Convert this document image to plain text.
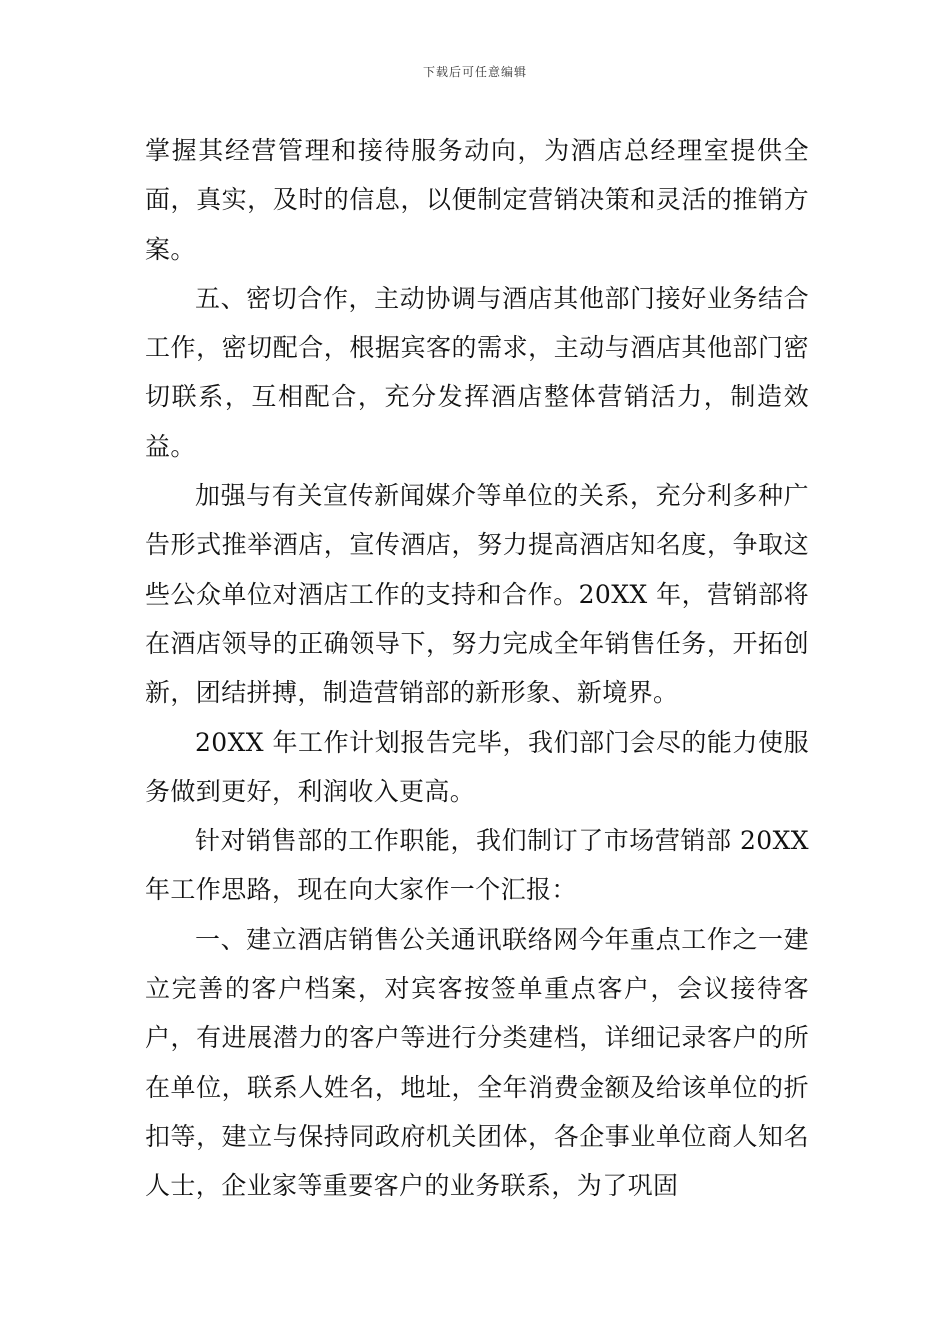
下载后可任意编辑

掌握其经营管理和接待服务动向，为酒店总经理室提供全面，真实，及时的信息，以便制定营销决策和灵活的推销方案。

五、密切合作，主动协调与酒店其他部门接好业务结合工作，密切配合，根据宾客的需求，主动与酒店其他部门密切联系，互相配合，充分发挥酒店整体营销活力，制造效益。

加强与有关宣传新闻媒介等单位的关系，充分利多种广告形式推举酒店，宣传酒店，努力提高酒店知名度，争取这些公众单位对酒店工作的支持和合作。20XX 年，营销部将在酒店领导的正确领导下，努力完成全年销售任务，开拓创新，团结拼搏，制造营销部的新形象、新境界。

20XX 年工作计划报告完毕，我们部门会尽的能力使服务做到更好，利润收入更高。

针对销售部的工作职能，我们制订了市场营销部 20XX 年工作思路，现在向大家作一个汇报：

一、建立酒店销售公关通讯联络网今年重点工作之一建立完善的客户档案，对宾客按签单重点客户，会议接待客户，有进展潜力的客户等进行分类建档，详细记录客户的所在单位，联系人姓名，地址，全年消费金额及给该单位的折扣等，建立与保持同政府机关团体，各企事业单位商人知名人士，企业家等重要客户的业务联系，为了巩固
